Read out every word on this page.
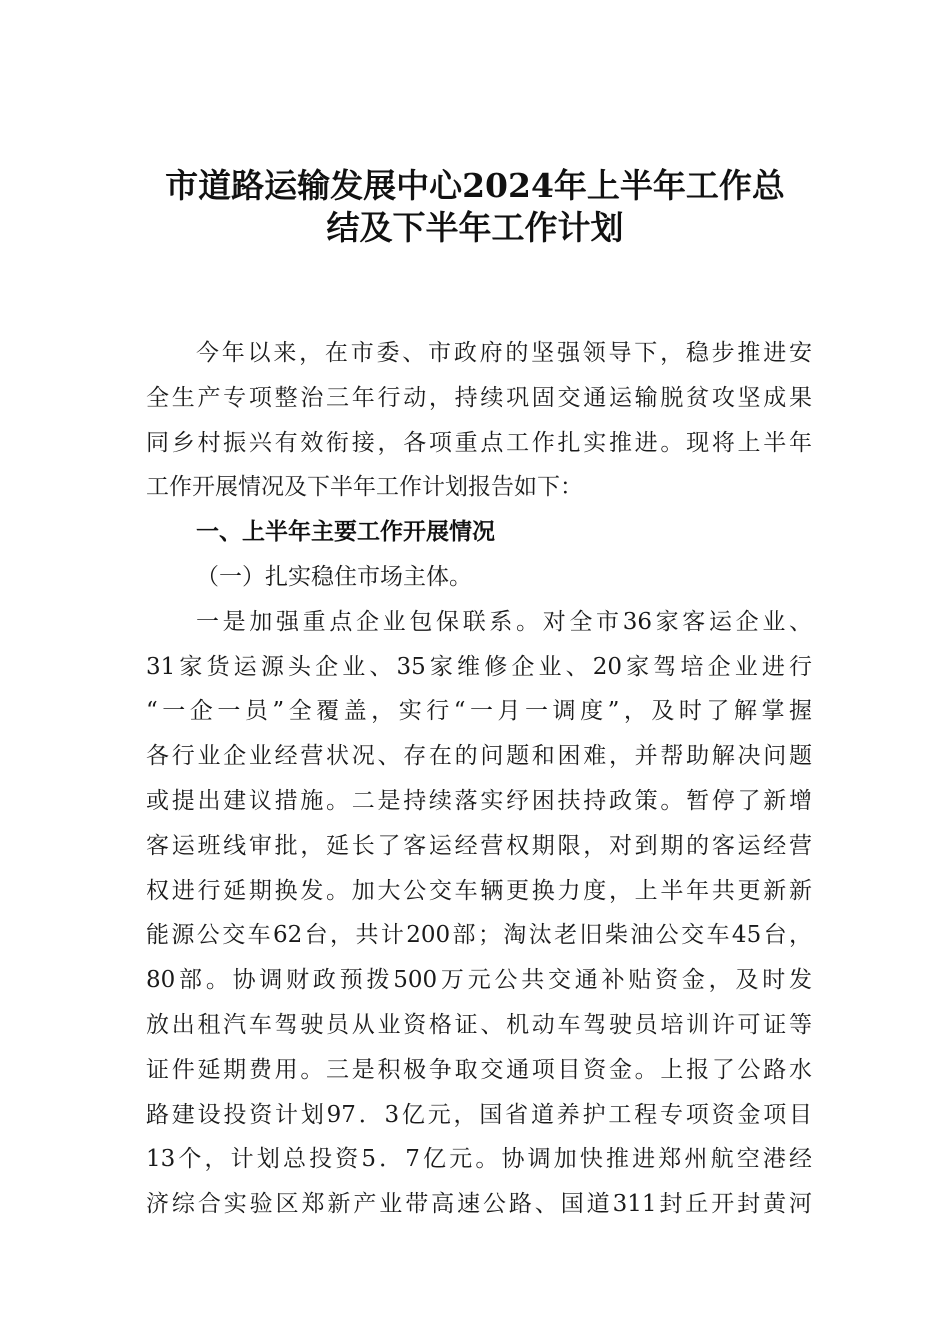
市道路运输发展中心2024年上半年工作总
结及下半年工作计划
今年以来，在市委、市政府的坚强领导下，稳步推进安
全生产专项整治三年行动，持续巩固交通运输脱贫攻坚成果
同乡村振兴有效衔接，各项重点工作扎实推进。现将上半年
工作开展情况及下半年工作计划报告如下：
一、上半年主要工作开展情况
（一）扎实稳住市场主体。
一是加强重点企业包保联系。对全市36家客运企业、
31家货运源头企业、35家维修企业、20家驾培企业进行
“一企一员”全覆盖，实行“一月一调度”，及时了解掌握
各行业企业经营状况、存在的问题和困难，并帮助解决问题
或提出建议措施。二是持续落实纾困扶持政策。暂停了新增
客运班线审批，延长了客运经营权期限，对到期的客运经营
权进行延期换发。加大公交车辆更换力度，上半年共更新新
能源公交车62台，共计200部；淘汰老旧柴油公交车45台，
80部。协调财政预拨500万元公共交通补贴资金，及时发
放出租汽车驾驶员从业资格证、机动车驾驶员培训许可证等
证件延期费用。三是积极争取交通项目资金。上报了公路水
路建设投资计划97．3亿元，国省道养护工程专项资金项目
13个，计划总投资5．7亿元。协调加快推进郑州航空港经
济综合实验区郑新产业带高速公路、国道311封丘开封黄河
